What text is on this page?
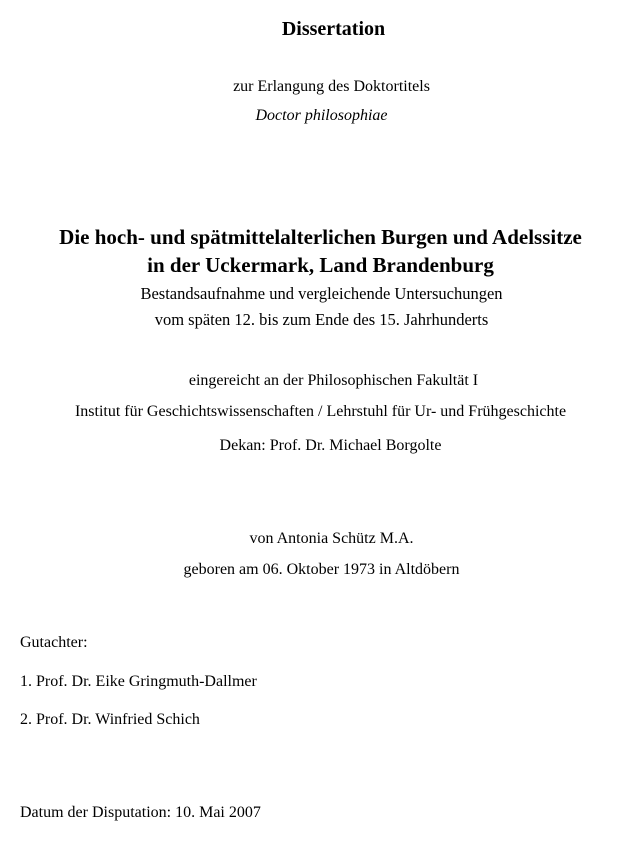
Dissertation
zur Erlangung des Doktortitels
Doctor philosophiae
Die hoch- und spätmittelalterlichen Burgen und Adelssitze
in der Uckermark, Land Brandenburg
Bestandsaufnahme und vergleichende Untersuchungen
vom späten 12. bis zum Ende des 15. Jahrhunderts
eingereicht an der Philosophischen Fakultät I
Institut für Geschichtswissenschaften / Lehrstuhl für Ur- und Frühgeschichte
Dekan: Prof. Dr. Michael Borgolte
von Antonia Schütz M.A.
geboren am 06. Oktober 1973 in Altdöbern
Gutachter:
1. Prof. Dr. Eike Gringmuth-Dallmer
2. Prof. Dr. Winfried Schich
Datum der Disputation: 10. Mai 2007
